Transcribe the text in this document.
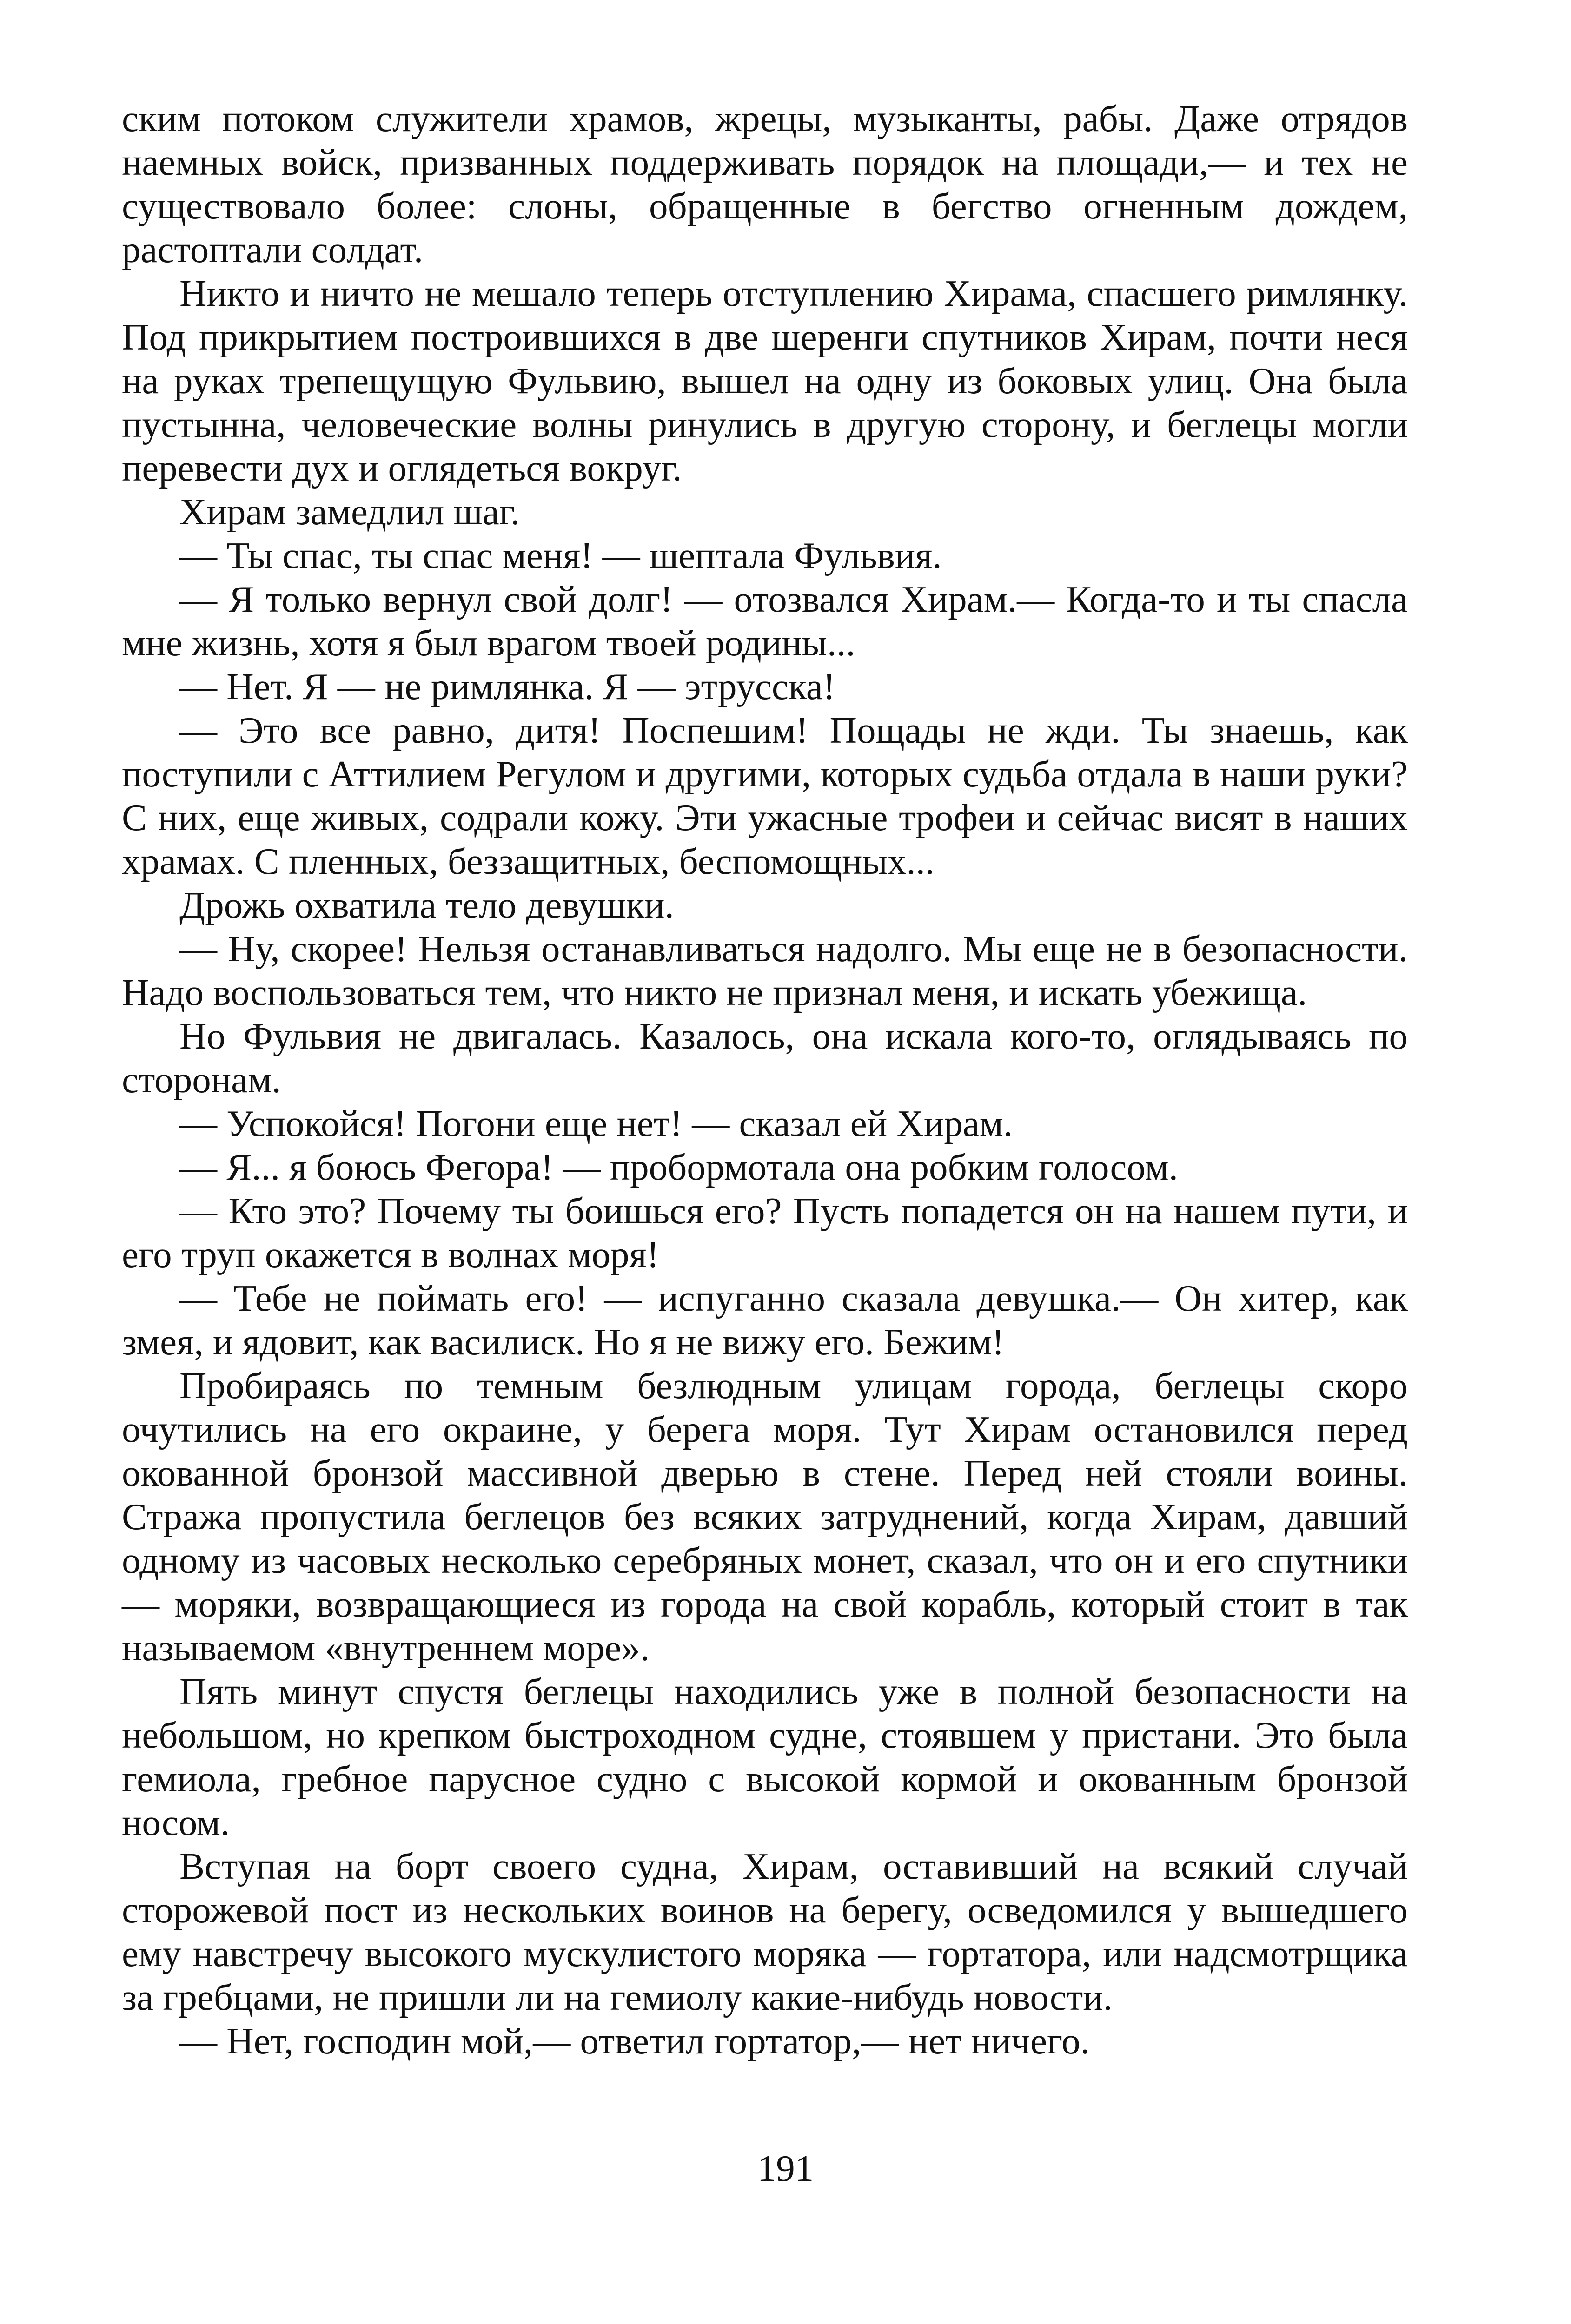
ским потоком служители храмов, жрецы, музыканты, рабы. Даже отрядов наемных войск, призванных поддерживать порядок на площади,— и тех не существовало более: слоны, обращенные в бегство огненным дождем, растоптали солдат.

Никто и ничто не мешало теперь отступлению Хирама, спасшего римлянку. Под прикрытием построившихся в две шеренги спутников Хирам, почти неся на руках трепещущую Фульвию, вышел на одну из боковых улиц. Она была пустынна, человеческие волны ринулись в другую сторону, и беглецы могли перевести дух и оглядеться вокруг.

Хирам замедлил шаг.

— Ты спас, ты спас меня! — шептала Фульвия.

— Я только вернул свой долг! — отозвался Хирам.— Когда-то и ты спасла мне жизнь, хотя я был врагом твоей родины...

— Нет. Я — не римлянка. Я — этрусска!

— Это все равно, дитя! Поспешим! Пощады не жди. Ты знаешь, как поступили с Аттилием Регулом и другими, которых судьба отдала в наши руки? С них, еще живых, содрали кожу. Эти ужасные трофеи и сейчас висят в наших храмах. С пленных, беззащитных, беспомощных...

Дрожь охватила тело девушки.

— Ну, скорее! Нельзя останавливаться надолго. Мы еще не в безопасности. Надо воспользоваться тем, что никто не признал меня, и искать убежища.

Но Фульвия не двигалась. Казалось, она искала кого-то, оглядываясь по сторонам.

— Успокойся! Погони еще нет! — сказал ей Хирам.

— Я... я боюсь Фегора! — пробормотала она робким голосом.

— Кто это? Почему ты боишься его? Пусть попадется он на нашем пути, и его труп окажется в волнах моря!

— Тебе не поймать его! — испуганно сказала девушка.— Он хитер, как змея, и ядовит, как василиск. Но я не вижу его. Бежим!

Пробираясь по темным безлюдным улицам города, беглецы скоро очутились на его окраине, у берега моря. Тут Хирам остановился перед окованной бронзой массивной дверью в стене. Перед ней стояли воины. Стража пропустила беглецов без всяких затруднений, когда Хирам, давший одному из часовых несколько серебряных монет, сказал, что он и его спутники — моряки, возвращающиеся из города на свой корабль, который стоит в так называемом «внутреннем море».

Пять минут спустя беглецы находились уже в полной безопасности на небольшом, но крепком быстроходном судне, стоявшем у пристани. Это была гемиола, гребное парусное судно с высокой кормой и окованным бронзой носом.

Вступая на борт своего судна, Хирам, оставивший на всякий случай сторожевой пост из нескольких воинов на берегу, осведомился у вышедшего ему навстречу высокого мускулистого моряка — гортатора, или надсмотрщика за гребцами, не пришли ли на гемиолу какие-нибудь новости.

— Нет, господин мой,— ответил гортатор,— нет ничего.

191
